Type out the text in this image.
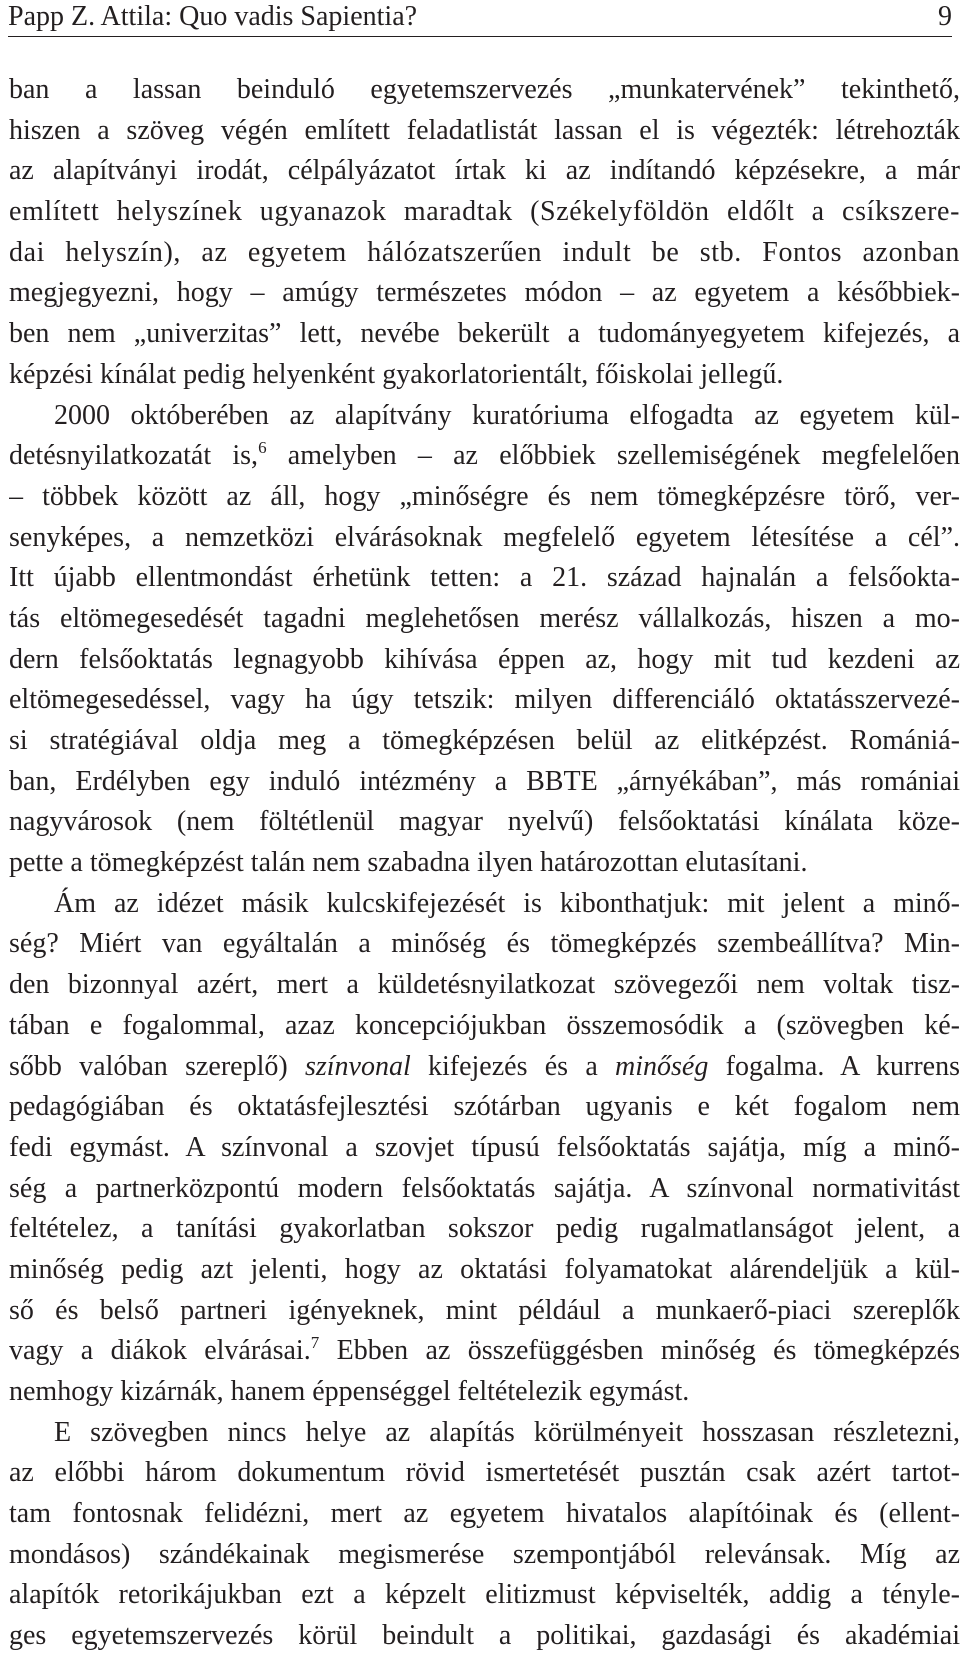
Papp Z. Attila: Quo vadis Sapientia?	9
ban a lassan beinduló egyetemszervezés „munkatervének” tekinthető,
hiszen a szöveg végén említett feladatlistát lassan el is végezték: létrehozták
az alapítványi irodát, célpályázatot írtak ki az indítandó képzésekre, a már
említett helyszínek ugyanazok maradtak (Székelyföldön eldőlt a csíkszere-
dai helyszín), az egyetem hálózatszerűen indult be stb. Fontos azonban
megjegyezni, hogy – amúgy természetes módon – az egyetem a későbbiek-
ben nem „univerzitas” lett, nevébe bekerült a tudományegyetem kifejezés, a
képzési kínálat pedig helyenként gyakorlatorientált, főiskolai jellegű.
2000 októberében az alapítvány kuratóriuma elfogadta az egyetem kül-
detésnyilatkozatát is,$^6$ amelyben – az előbbiek szellemiségének megfelelően
– többek között az áll, hogy „minőségre és nem tömegképzésre törő, ver-
senyképes, a nemzetközi elvárásoknak megfelelő egyetem létesítése a cél”.
Itt újabb ellentmondást érhetünk tetten: a 21. század hajnalán a felsőokta-
tás eltömegesedését tagadni meglehetősen merész vállalkozás, hiszen a mo-
dern felsőoktatás legnagyobb kihívása éppen az, hogy mit tud kezdeni az
eltömegesedéssel, vagy ha úgy tetszik: milyen differenciáló oktatásszervezé-
si stratégiával oldja meg a tömegképzésen belül az elitképzést. Romániá-
ban, Erdélyben egy induló intézmény a BBTE „árnyékában”, más romániai
nagyvárosok (nem föltétlenül magyar nyelvű) felsőoktatási kínálata köze-
pette a tömegképzést talán nem szabadna ilyen határozottan elutasítani.
Ám az idézet másik kulcskifejezését is kibonthatjuk: mit jelent a minő-
ség? Miért van egyáltalán a minőség és tömegképzés szembeállítva? Min-
den bizonnyal azért, mert a küldetésnyilatkozat szövegezői nem voltak tisz-
tában e fogalommal, azaz koncepciójukban összemosódik a (szövegben ké-
sőbb valóban szereplő) színvonal kifejezés és a minőség fogalma. A kurrens
pedagógiában és oktatásfejlesztési szótárban ugyanis e két fogalom nem
fedi egymást. A színvonal a szovjet típusú felsőoktatás sajátja, míg a minő-
ség a partnerközpontú modern felsőoktatás sajátja. A színvonal normativitást
feltételez, a tanítási gyakorlatban sokszor pedig rugalmatlanságot jelent, a
minőség pedig azt jelenti, hogy az oktatási folyamatokat alárendeljük a kül-
ső és belső partneri igényeknek, mint például a munkaerő-piaci szereplők
vagy a diákok elvárásai.$^7$ Ebben az összefüggésben minőség és tömegképzés
nemhogy kizárnák, hanem éppenséggel feltételezik egymást.
E szövegben nincs helye az alapítás körülményeit hosszasan részletezni,
az előbbi három dokumentum rövid ismertetését pusztán csak azért tartot-
tam fontosnak felidézni, mert az egyetem hivatalos alapítóinak és (ellent-
mondásos) szándékainak megismerése szempontjából relevánsak. Míg az
alapítók retorikájukban ezt a képzelt elitizmust képviselték, addig a tényle-
ges egyetemszervezés körül beindult a politikai, gazdasági és akadémiai
